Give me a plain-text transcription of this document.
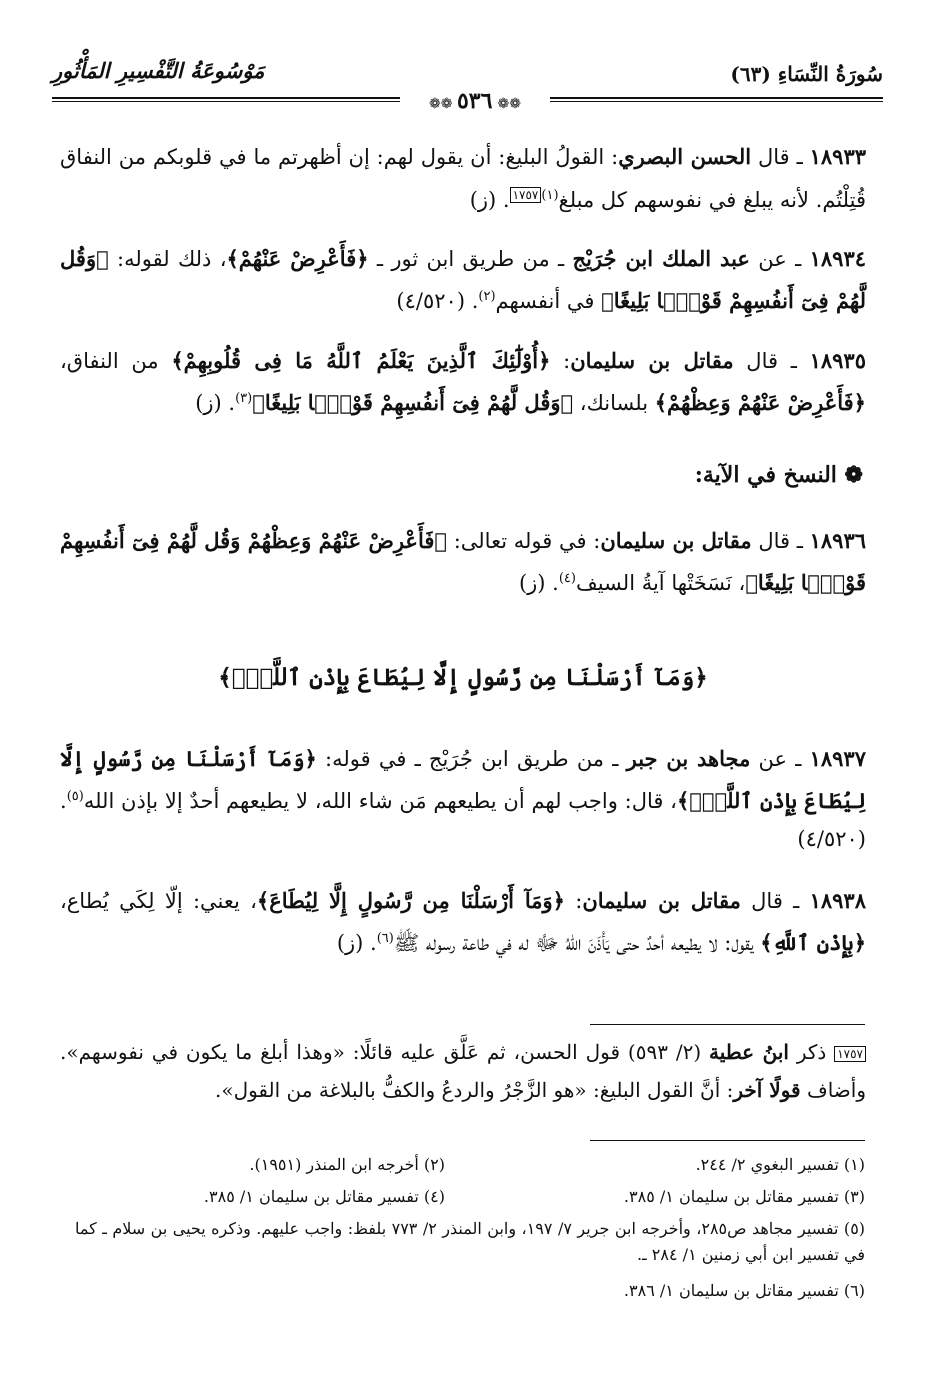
مَوْسُوعَةُ التَّفْسِيرِ المَأْثُورِ	سُورَةُ النِّسَاءِ (٦٣)
❁❁ ٥٣٦ ❁❁
١٨٩٣٣ ـ قال الحسن البصري: القولُ البليغ: أن يقول لهم: إن أظهرتم ما في قلوبكم من النفاق قُتِلْتُم. لأنه يبلغ في نفوسهم كل مبلغ$^{(١)١٧٥٧}$. (ز)
١٨٩٣٤ ـ عن عبد الملك ابن جُرَيْج ـ من طريق ابن ثور ـ ﴿فَأَعْرِضْ عَنْهُمْ﴾، ذلك لقوله: ﴿وَقُل لَّهُمْ فِىٓ أَنفُسِهِمْ قَوْلًۢا بَلِيغًا﴾ في أنفسهم$^{(٢)}$. (٤/٥٢٠)
١٨٩٣٥ ـ قال مقاتل بن سليمان: ﴿أُوْلَٰٓئِكَ ٱلَّذِينَ يَعْلَمُ ٱللَّهُ مَا فِى قُلُوبِهِمْ﴾ من النفاق، ﴿فَأَعْرِضْ عَنْهُمْ وَعِظْهُمْ﴾ بلسانك، ﴿وَقُل لَّهُمْ فِىٓ أَنفُسِهِمْ قَوْلًۢا بَلِيغًا﴾$^{(٣)}$. (ز)
❁ النسخ في الآية:
١٨٩٣٦ ـ قال مقاتل بن سليمان: في قوله تعالى: ﴿فَأَعْرِضْ عَنْهُمْ وَعِظْهُمْ وَقُل لَّهُمْ فِىٓ أَنفُسِهِمْ قَوْلًۢا بَلِيغًا﴾، نَسَخَتْها آيةُ السيف$^{(٤)}$. (ز)
﴿وَمَآ أَرْسَلْنَا مِن رَّسُولٍ إِلَّا لِيُطَاعَ بِإِذْنِ ٱللَّهِۚ﴾
١٨٩٣٧ ـ عن مجاهد بن جبر ـ من طريق ابن جُرَيْج ـ في قوله: ﴿وَمَآ أَرْسَلْنَا مِن رَّسُولٍ إِلَّا لِيُطَاعَ بِإِذْنِ ٱللَّهِۚ﴾، قال: واجب لهم أن يطيعهم مَن شاء الله، لا يطيعهم أحدٌ إلا بإذن الله$^{(٥)}$. (٤/٥٢٠)
١٨٩٣٨ ـ قال مقاتل بن سليمان: ﴿وَمَآ أَرْسَلْنَا مِن رَّسُولٍ إِلَّا لِيُطَاعَ﴾، يعني: إلّا لِكَي يُطاع، ﴿بِإِذْنِ ٱللَّهِ﴾ يقول: لا يطيعه أحدٌ حتى يَأْذَنَ اللهُ ﷻ له في طاعة رسوله ﷺ$^{(٦)}$. (ز)
١٧٥٧ ذكر ابنُ عطية (٢/ ٥٩٣) قول الحسن، ثم عَلَّق عليه قائلًا: «وهذا أبلغ ما يكون في نفوسهم». وأضاف قولًا آخر: أنَّ القول البليغ: «هو الزَّجْرُ والردعُ والكفُّ بالبلاغة من القول».
(١) تفسير البغوي ٢/ ٢٤٤.
(٢) أخرجه ابن المنذر (١٩٥١).
(٣) تفسير مقاتل بن سليمان ١/ ٣٨٥.
(٤) تفسير مقاتل بن سليمان ١/ ٣٨٥.
(٥) تفسير مجاهد ص٢٨٥، وأخرجه ابن جرير ٧/ ١٩٧، وابن المنذر ٢/ ٧٧٣ بلفظ: واجب عليهم. وذكره يحيى بن سلام ـ كما في تفسير ابن أبي زمنين ١/ ٢٨٤ ـ.
(٦) تفسير مقاتل بن سليمان ١/ ٣٨٦.
